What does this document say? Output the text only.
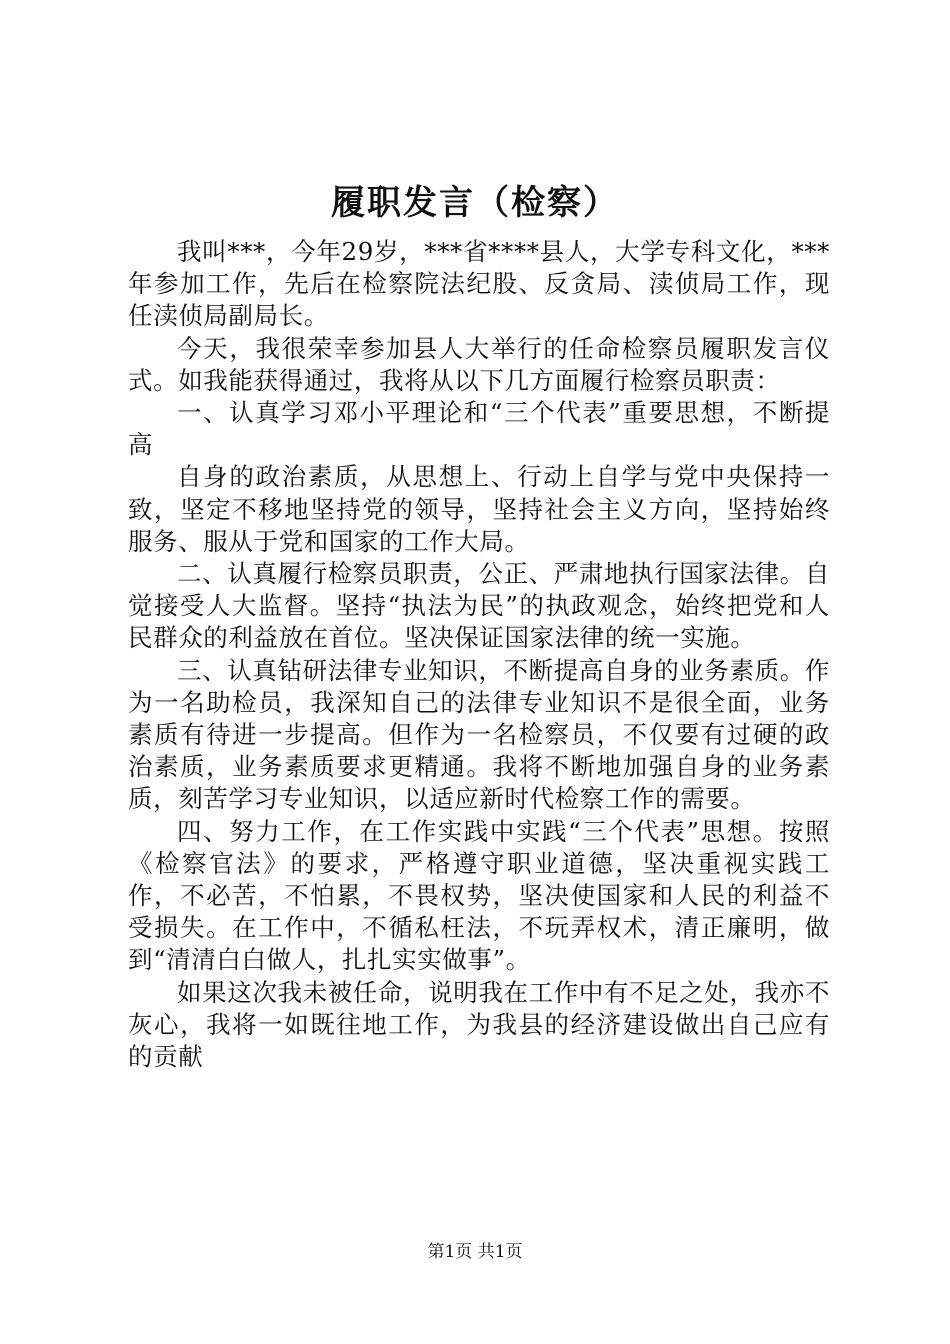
履职发言（检察）

我叫***，今年29岁，***省****县人，大学专科文化，***年参加工作，先后在检察院法纪股、反贪局、渎侦局工作，现任渎侦局副局长。

今天，我很荣幸参加县人大举行的任命检察员履职发言仪式。如我能获得通过，我将从以下几方面履行检察员职责：

一、认真学习邓小平理论和“三个代表”重要思想，不断提高

自身的政治素质，从思想上、行动上自学与党中央保持一致，坚定不移地坚持党的领导，坚持社会主义方向，坚持始终服务、服从于党和国家的工作大局。

二、认真履行检察员职责，公正、严肃地执行国家法律。自觉接受人大监督。坚持“执法为民”的执政观念，始终把党和人民群众的利益放在首位。坚决保证国家法律的统一实施。

三、认真钻研法律专业知识，不断提高自身的业务素质。作为一名助检员，我深知自己的法律专业知识不是很全面，业务素质有待进一步提高。但作为一名检察员，不仅要有过硬的政治素质，业务素质要求更精通。我将不断地加强自身的业务素质，刻苦学习专业知识，以适应新时代检察工作的需要。

四、努力工作，在工作实践中实践“三个代表”思想。按照《检察官法》的要求，严格遵守职业道德，坚决重视实践工作，不必苦，不怕累，不畏权势，坚决使国家和人民的利益不受损失。在工作中，不循私枉法，不玩弄权术，清正廉明，做到“清清白白做人，扎扎实实做事”。

如果这次我未被任命，说明我在工作中有不足之处，我亦不灰心，我将一如既往地工作，为我县的经济建设做出自己应有的贡献

第1页 共1页
